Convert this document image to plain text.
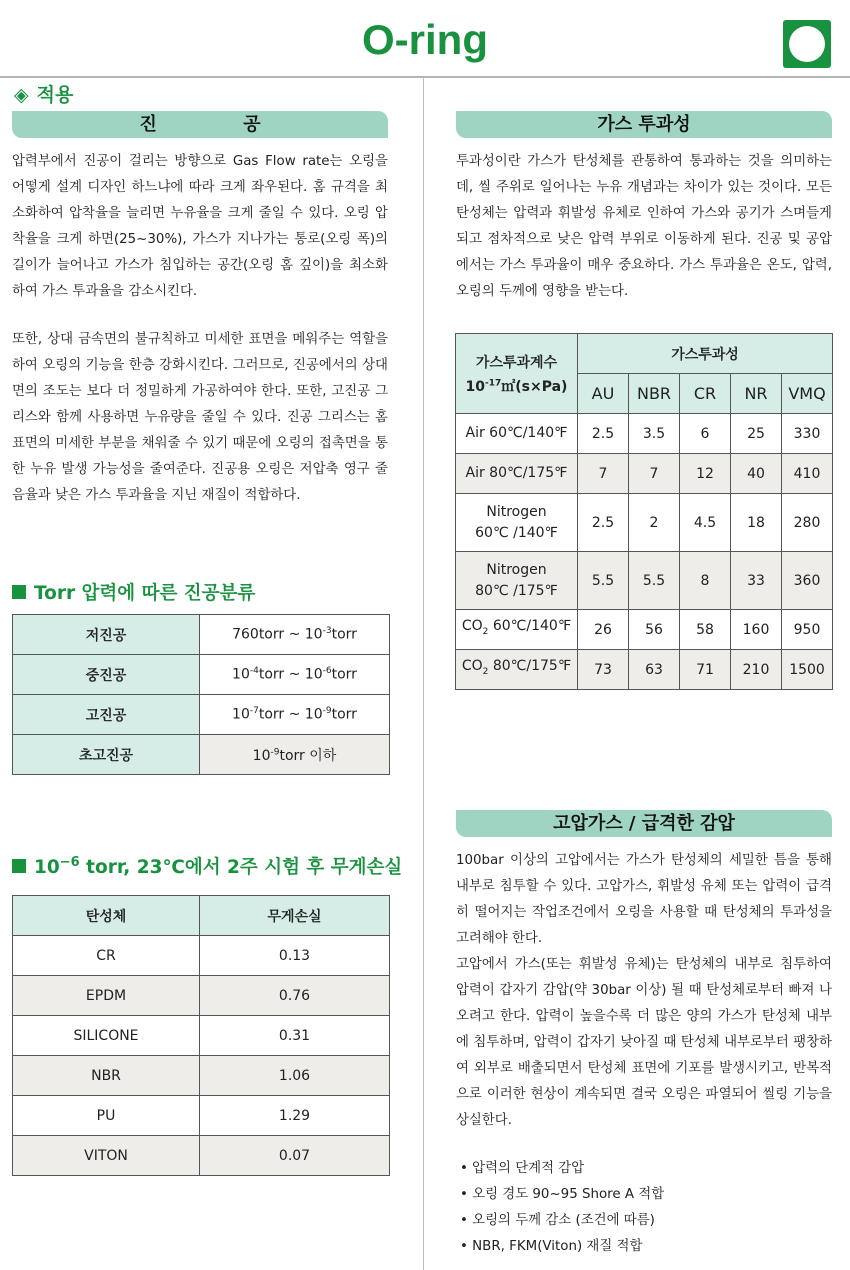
O-ring
◈ 적용
진 공

압력부에서 진공이 걸리는 방향으로 Gas Flow rate는 오링을 어떻게 설계 디자인 하느냐에 따라 크게 좌우된다. 홈 규격을 최소화하여 압착율을 늘리면 누유율을 크게 줄일 수 있다. 오링 압착율을 크게 하면(25~30%), 가스가 지나가는 통로(오링 폭)의 길이가 늘어나고 가스가 침입하는 공간(오링 홈 깊이)을 최소화하여 가스 투과율을 감소시킨다.

또한, 상대 금속면의 불규칙하고 미세한 표면을 메워주는 역할을 하여 오링의 기능을 한층 강화시킨다. 그러므로, 진공에서의 상대면의 조도는 보다 더 정밀하게 가공하여야 한다. 또한, 고진공 그리스와 함께 사용하면 누유량을 줄일 수 있다. 진공 그리스는 홈 표면의 미세한 부분을 채워줄 수 있기 때문에 오링의 접촉면을 통한 누유 발생 가능성을 줄여준다. 진공용 오링은 저압축 영구 줄음율과 낮은 가스 투과율을 지닌 재질이 적합하다.

Torr 압력에 따른 진공분류
저진공	760torr ~ $10^{-3}torr$
중진공	$10^{-4}torr$ ~ $10^{-6}torr$
고진공	$10^{-7}torr$ ~ $10^{-9}torr$
초고진공	$10^{-9}torr$ 이하
$10^{-6}$ torr, 23℃에서 2주 시험 후 무게손실
탄성체	무게손실
CR	0.13
EPDM	0.76
SILICONE	0.31
NBR	1.06
PU	1.29
VITON	0.07
가스 투과성

투과성이란 가스가 탄성체를 관통하여 통과하는 것을 의미하는데, 씰 주위로 일어나는 누유 개념과는 차이가 있는 것이다. 모든 탄성체는 압력과 휘발성 유체로 인하여 가스와 공기가 스며들게 되고 점차적으로 낮은 압력 부위로 이동하게 된다. 진공 및 공압에서는 가스 투과율이 매우 중요하다. 가스 투과율은 온도, 압력, 오링의 두께에 영향을 받는다.

가스투과계수
$10^{-17}㎡(s\times Pa)$	가스투과성				
	AU	NBR	CR	NR	VMQ
Air 60℃/140℉	2.5	3.5	6	25	330
Air 80℃/175℉	7	7	12	40	410
Nitrogen 60℃ /140℉	2.5	2	4.5	18	280
Nitrogen 80℃ /175℉	5.5	5.5	8	33	360
$CO_2$ 60℃/140℉	26	56	58	160	950
$CO_2$ 80℃/175℉	73	63	71	210	1500
고압가스 / 급격한 감압

100bar 이상의 고압에서는 가스가 탄성체의 세밀한 틈을 통해 내부로 침투할 수 있다. 고압가스, 휘발성 유체 또는 압력이 급격히 떨어지는 작업조건에서 오링을 사용할 때 탄성체의 투과성을 고려해야 한다.

고압에서 가스(또는 휘발성 유체)는 탄성체의 내부로 침투하여 압력이 갑자기 감압(약 30bar 이상) 될 때 탄성체로부터 빠져 나오려고 한다. 압력이 높을수록 더 많은 양의 가스가 탄성체 내부에 침투하며, 압력이 갑자기 낮아질 때 탄성체 내부로부터 팽창하여 외부로 배출되면서 탄성체 표면에 기포를 발생시키고, 반복적으로 이러한 현상이 계속되면 결국 오링은 파열되어 씰링 기능을 상실한다.

• 압력의 단계적 감압
• 오링 경도 90~95 Shore A 적합
• 오링의 두께 감소 (조건에 따름)
• NBR, FKM(Viton) 재질 적합
